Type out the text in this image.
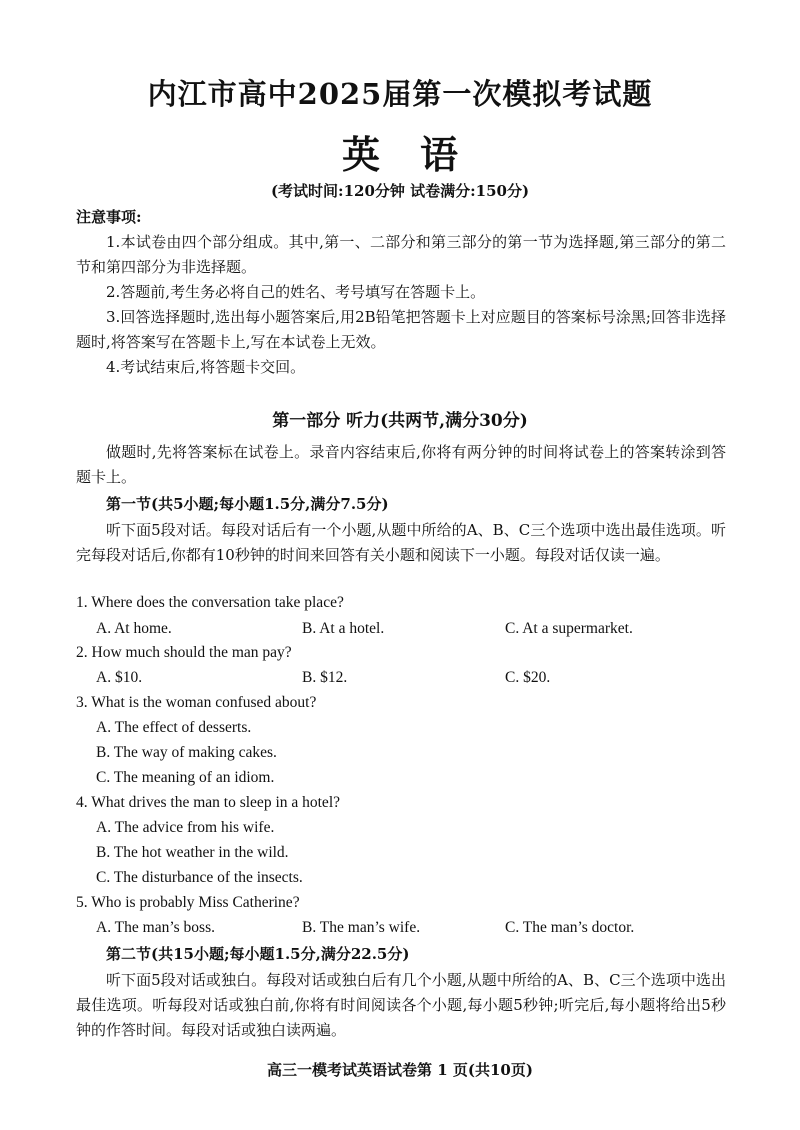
内江市高中2025届第一次模拟考试题
英语
(考试时间:120分钟 试卷满分:150分)
注意事项:
1.本试卷由四个部分组成。其中,第一、二部分和第三部分的第一节为选择题,第三部分的第二节和第四部分为非选择题。
2.答题前,考生务必将自己的姓名、考号填写在答题卡上。
3.回答选择题时,选出每小题答案后,用2B铅笔把答题卡上对应题目的答案标号涂黑;回答非选择题时,将答案写在答题卡上,写在本试卷上无效。
4.考试结束后,将答题卡交回。
第一部分 听力(共两节,满分30分)
做题时,先将答案标在试卷上。录音内容结束后,你将有两分钟的时间将试卷上的答案转涂到答题卡上。
第一节(共5小题;每小题1.5分,满分7.5分)
听下面5段对话。每段对话后有一个小题,从题中所给的A、B、C三个选项中选出最佳选项。听完每段对话后,你都有10秒钟的时间来回答有关小题和阅读下一小题。每段对话仅读一遍。
1. Where does the conversation take place?
A. At home.	B. At a hotel.	C. At a supermarket.
2. How much should the man pay?
A. $10.	B. $12.	C. $20.
3. What is the woman confused about?
A. The effect of desserts.
B. The way of making cakes.
C. The meaning of an idiom.
4. What drives the man to sleep in a hotel?
A. The advice from his wife.
B. The hot weather in the wild.
C. The disturbance of the insects.
5. Who is probably Miss Catherine?
A. The man’s boss.	B. The man’s wife.	C. The man’s doctor.
第二节(共15小题;每小题1.5分,满分22.5分)
听下面5段对话或独白。每段对话或独白后有几个小题,从题中所给的A、B、C三个选项中选出最佳选项。听每段对话或独白前,你将有时间阅读各个小题,每小题5秒钟;听完后,每小题将给出5秒钟的作答时间。每段对话或独白读两遍。
高三一模考试英语试卷第 1 页(共10页)
